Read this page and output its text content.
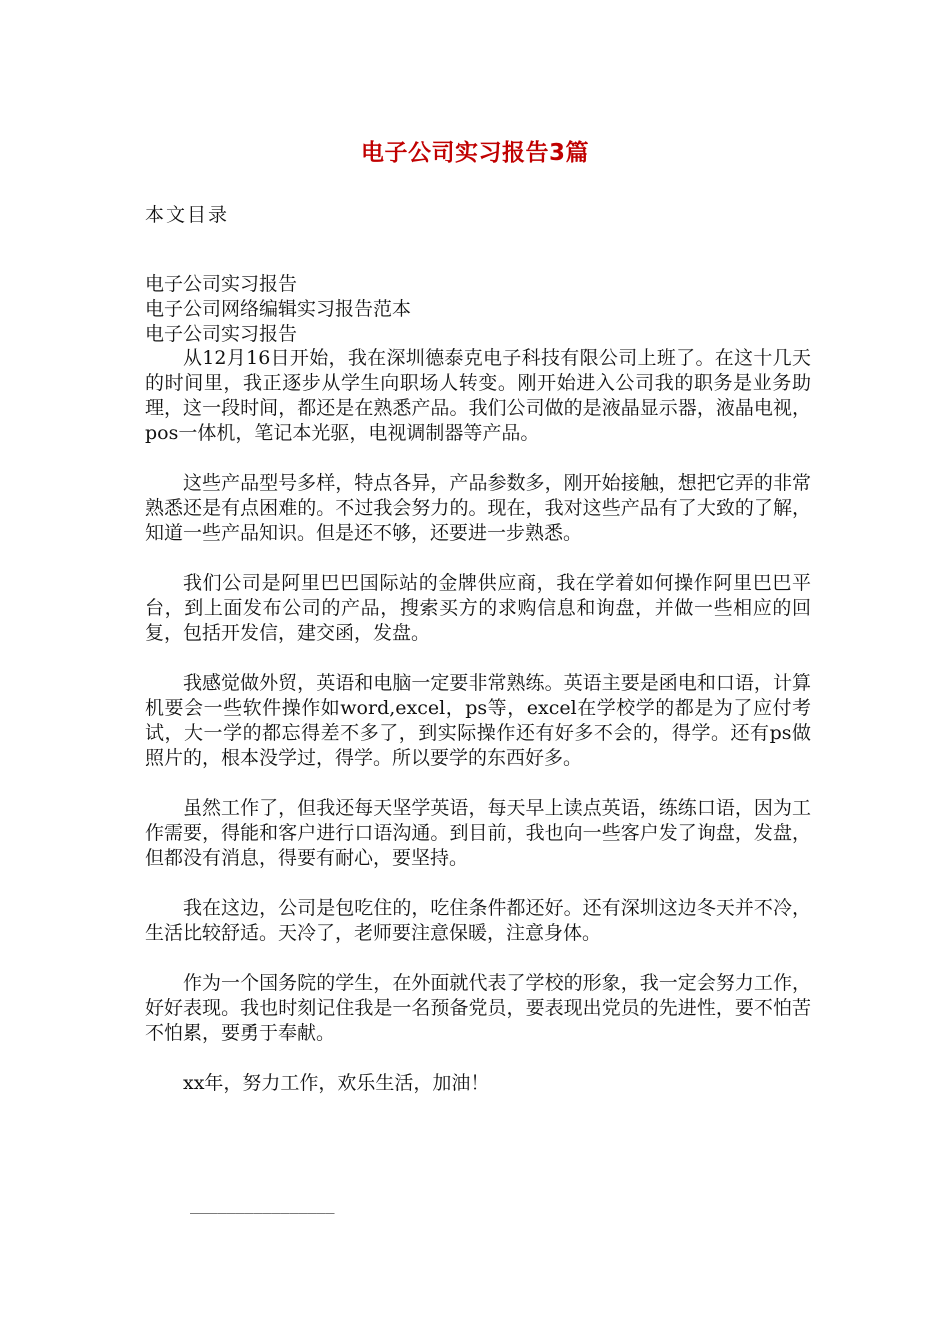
电子公司实习报告3篇
本文目录
电子公司实习报告
电子公司网络编辑实习报告范本
电子公司实习报告

从12月16日开始，我在深圳德泰克电子科技有限公司上班了。在这十几天的时间里，我正逐步从学生向职场人转变。刚开始进入公司我的职务是业务助理，这一段时间，都还是在熟悉产品。我们公司做的是液晶显示器，液晶电视，pos一体机，笔记本光驱，电视调制器等产品。

这些产品型号多样，特点各异，产品参数多，刚开始接触，想把它弄的非常熟悉还是有点困难的。不过我会努力的。现在，我对这些产品有了大致的了解，知道一些产品知识。但是还不够，还要进一步熟悉。

我们公司是阿里巴巴国际站的金牌供应商，我在学着如何操作阿里巴巴平台，到上面发布公司的产品，搜索买方的求购信息和询盘，并做一些相应的回复，包括开发信，建交函，发盘。

我感觉做外贸，英语和电脑一定要非常熟练。英语主要是函电和口语，计算机要会一些软件操作如word,excel，ps等，excel在学校学的都是为了应付考试，大一学的都忘得差不多了，到实际操作还有好多不会的，得学。还有ps做照片的，根本没学过，得学。所以要学的东西好多。

虽然工作了，但我还每天坚学英语，每天早上读点英语，练练口语，因为工作需要，得能和客户进行口语沟通。到目前，我也向一些客户发了询盘，发盘，但都没有消息，得要有耐心，要坚持。

我在这边，公司是包吃住的，吃住条件都还好。还有深圳这边冬天并不冷，生活比较舒适。天冷了，老师要注意保暖，注意身体。

作为一个国务院的学生，在外面就代表了学校的形象，我一定会努力工作，好好表现。我也时刻记住我是一名预备党员，要表现出党员的先进性，要不怕苦不怕累，要勇于奉献。

xx年，努力工作，欢乐生活，加油！

________________
